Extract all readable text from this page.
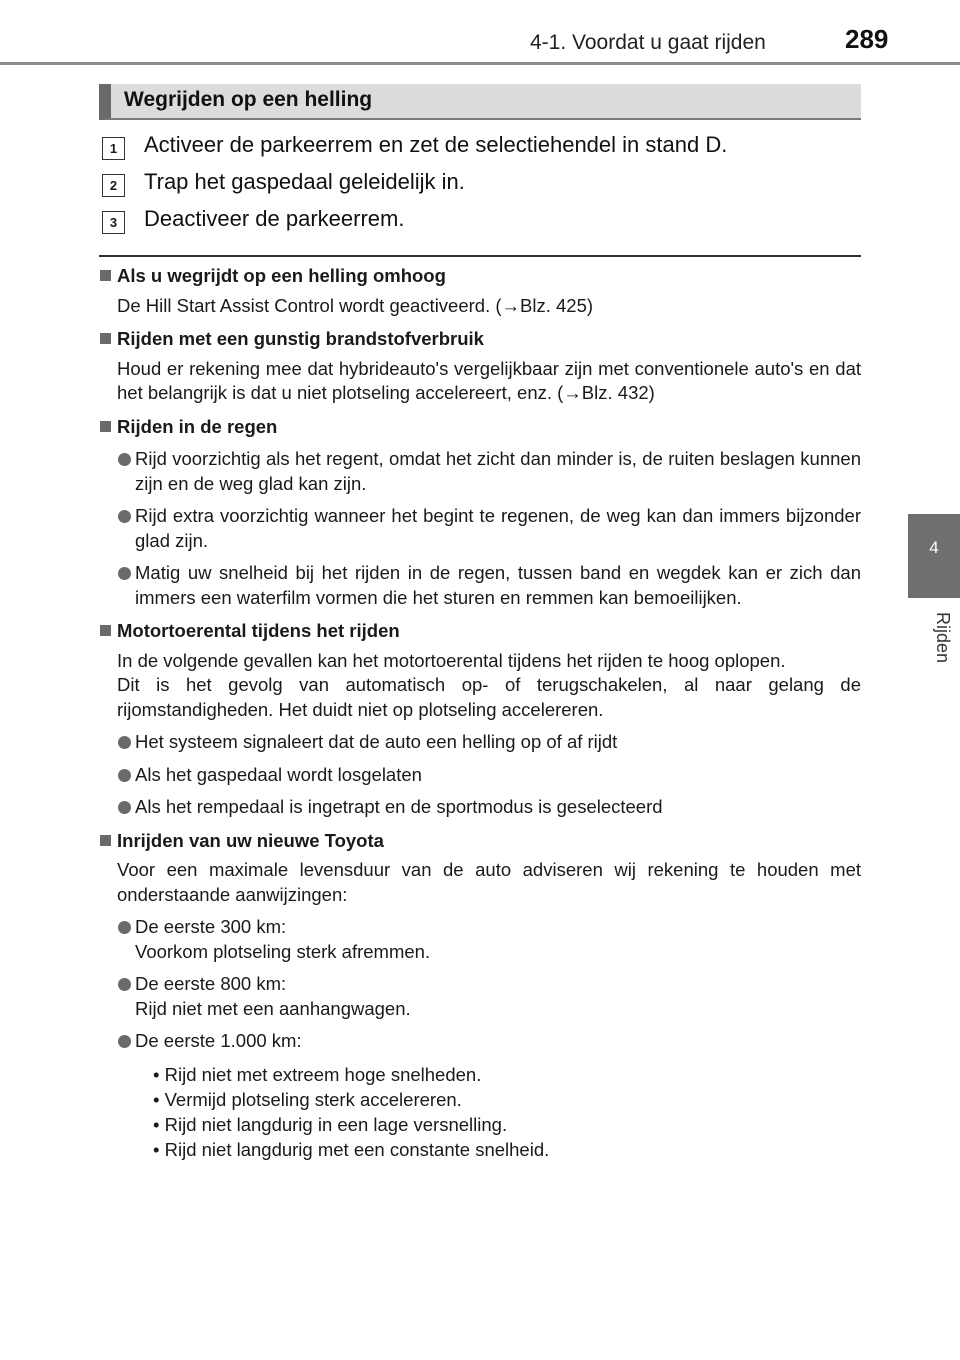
4-1. Voordat u gaat rijden	289
4
Rijden
Wegrijden op een helling
1	Activeer de parkeerrem en zet de selectiehendel in stand D.
2	Trap het gaspedaal geleidelijk in.
3	Deactiveer de parkeerrem.
Als u wegrijdt op een helling omhoog
De Hill Start Assist Control wordt geactiveerd. (→Blz. 425)
Rijden met een gunstig brandstofverbruik
Houd er rekening mee dat hybrideauto's vergelijkbaar zijn met conventionele auto's en dat het belangrijk is dat u niet plotseling accelereert, enz. (→Blz. 432)
Rijden in de regen
Rijd voorzichtig als het regent, omdat het zicht dan minder is, de ruiten beslagen kunnen zijn en de weg glad kan zijn.
Rijd extra voorzichtig wanneer het begint te regenen, de weg kan dan immers bijzonder glad zijn.
Matig uw snelheid bij het rijden in de regen, tussen band en wegdek kan er zich dan immers een waterfilm vormen die het sturen en remmen kan bemoeilijken.
Motortoerental tijdens het rijden
In de volgende gevallen kan het motortoerental tijdens het rijden te hoog oplopen.
Dit is het gevolg van automatisch op- of terugschakelen, al naar gelang de rijomstandigheden. Het duidt niet op plotseling accelereren.
Het systeem signaleert dat de auto een helling op of af rijdt
Als het gaspedaal wordt losgelaten
Als het rempedaal is ingetrapt en de sportmodus is geselecteerd
Inrijden van uw nieuwe Toyota
Voor een maximale levensduur van de auto adviseren wij rekening te houden met onderstaande aanwijzingen:
De eerste 300 km:
Voorkom plotseling sterk afremmen.
De eerste 800 km:
Rijd niet met een aanhangwagen.
De eerste 1.000 km:
• Rijd niet met extreem hoge snelheden.
• Vermijd plotseling sterk accelereren.
• Rijd niet langdurig in een lage versnelling.
• Rijd niet langdurig met een constante snelheid.
